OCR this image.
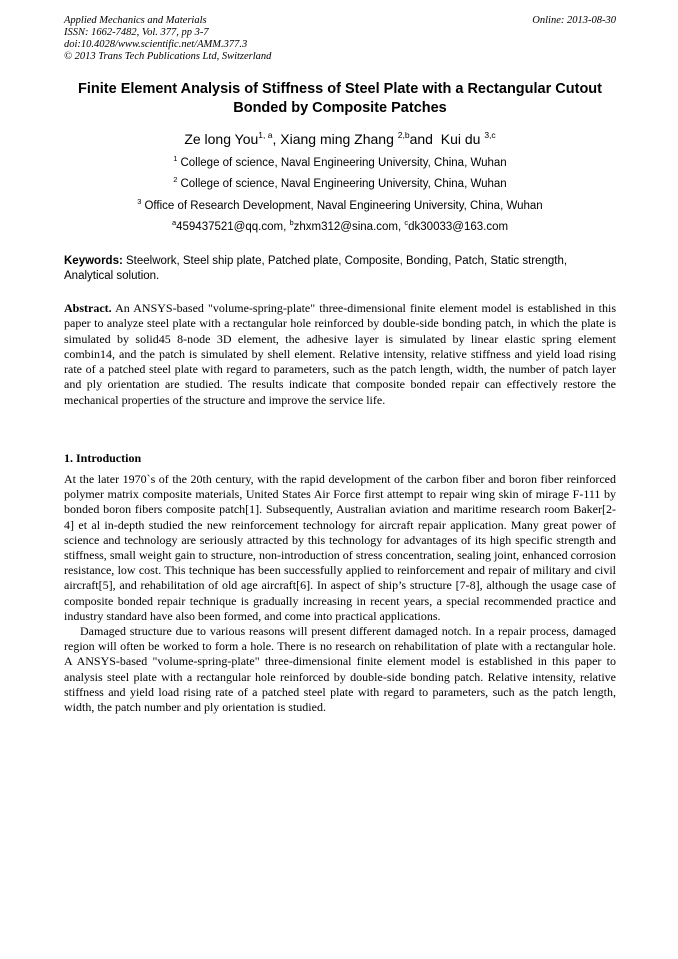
Applied Mechanics and Materials
ISSN: 1662-7482, Vol. 377, pp 3-7
doi:10.4028/www.scientific.net/AMM.377.3
© 2013 Trans Tech Publications Ltd, Switzerland
Online: 2013-08-30
Finite Element Analysis of Stiffness of Steel Plate with a Rectangular Cutout Bonded by Composite Patches
Ze long You$^{1, a}$, Xiang ming Zhang $^{2,b}$and Kui du $^{3,c}$
$^1$ College of science, Naval Engineering University, China, Wuhan
$^2$ College of science, Naval Engineering University, China, Wuhan
$^3$ Office of Research Development, Naval Engineering University, China, Wuhan
$^a$459437521@qq.com, $^b$zhxm312@sina.com, $^c$dk30033@163.com
Keywords: Steelwork, Steel ship plate, Patched plate, Composite, Bonding, Patch, Static strength, Analytical solution.
Abstract. An ANSYS-based "volume-spring-plate" three-dimensional finite element model is established in this paper to analyze steel plate with a rectangular hole reinforced by double-side bonding patch, in which the plate is simulated by solid45 8-node 3D element, the adhesive layer is simulated by linear elastic spring element combin14, and the patch is simulated by shell element. Relative intensity, relative stiffness and yield load rising rate of a patched steel plate with regard to parameters, such as the patch length, width, the number of patch layer and ply orientation are studied. The results indicate that composite bonded repair can effectively restore the mechanical properties of the structure and improve the service life.
1. Introduction

At the later 1970`s of the 20th century, with the rapid development of the carbon fiber and boron fiber reinforced polymer matrix composite materials, United States Air Force first attempt to repair wing skin of mirage F-111 by bonded boron fibers composite patch[1]. Subsequently, Australian aviation and maritime research room Baker[2-4] et al in-depth studied the new reinforcement technology for aircraft repair application. Many great power of science and technology are seriously attracted by this technology for advantages of its high specific strength and stiffness, small weight gain to structure, non-introduction of stress concentration, sealing joint, enhanced corrosion resistance, low cost. This technique has been successfully applied to reinforcement and repair of military and civil aircraft[5], and rehabilitation of old age aircraft[6]. In aspect of ship’s structure [7-8], although the usage case of composite bonded repair technique is gradually increasing in recent years, a special recommended practice and industry standard have also been formed, and come into practical applications.

Damaged structure due to various reasons will present different damaged notch. In a repair process, damaged region will often be worked to form a hole. There is no research on rehabilitation of plate with a rectangular hole. A ANSYS-based "volume-spring-plate" three-dimensional finite element model is established in this paper to analysis steel plate with a rectangular hole reinforced by double-side bonding patch. Relative intensity, relative stiffness and yield load rising rate of a patched steel plate with regard to parameters, such as the patch length, width, the patch number and ply orientation is studied.
